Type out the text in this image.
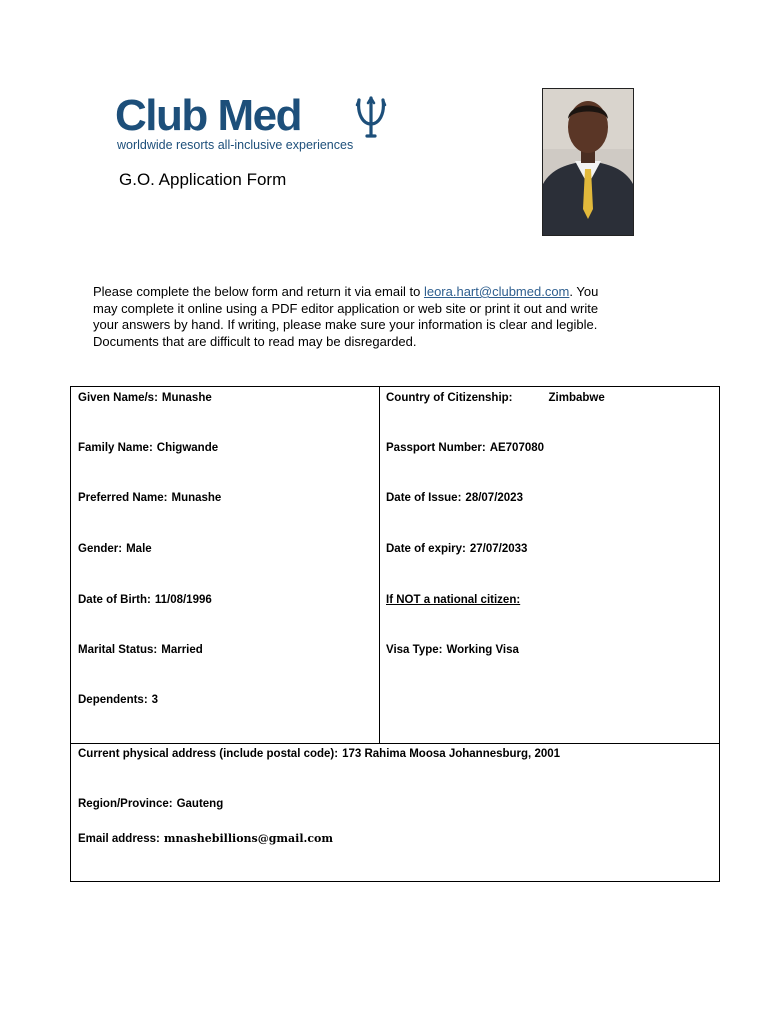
Club Med
worldwide resorts all-inclusive experiences
G.O. Application Form
Please complete the below form and return it via email to leora.hart@clubmed.com. You may complete it online using a PDF editor application or web site or print it out and write your answers by hand. If writing, please make sure your information is clear and legible. Documents that are difficult to read may be disregarded.
Given Name/s: Munashe
Family Name: Chigwande
Preferred Name: Munashe
Gender: Male
Date of Birth: 11/08/1996
Marital Status: Married
Dependents: 3
Country of Citizenship:	Zimbabwe
Passport Number: AE707080
Date of Issue: 28/07/2023
Date of expiry: 27/07/2033
If NOT a national citizen:
Visa Type: Working Visa
Current physical address (include postal code): 173 Rahima Moosa Johannesburg, 2001
Region/Province: Gauteng
Email address: mnashebillions@gmail.com
